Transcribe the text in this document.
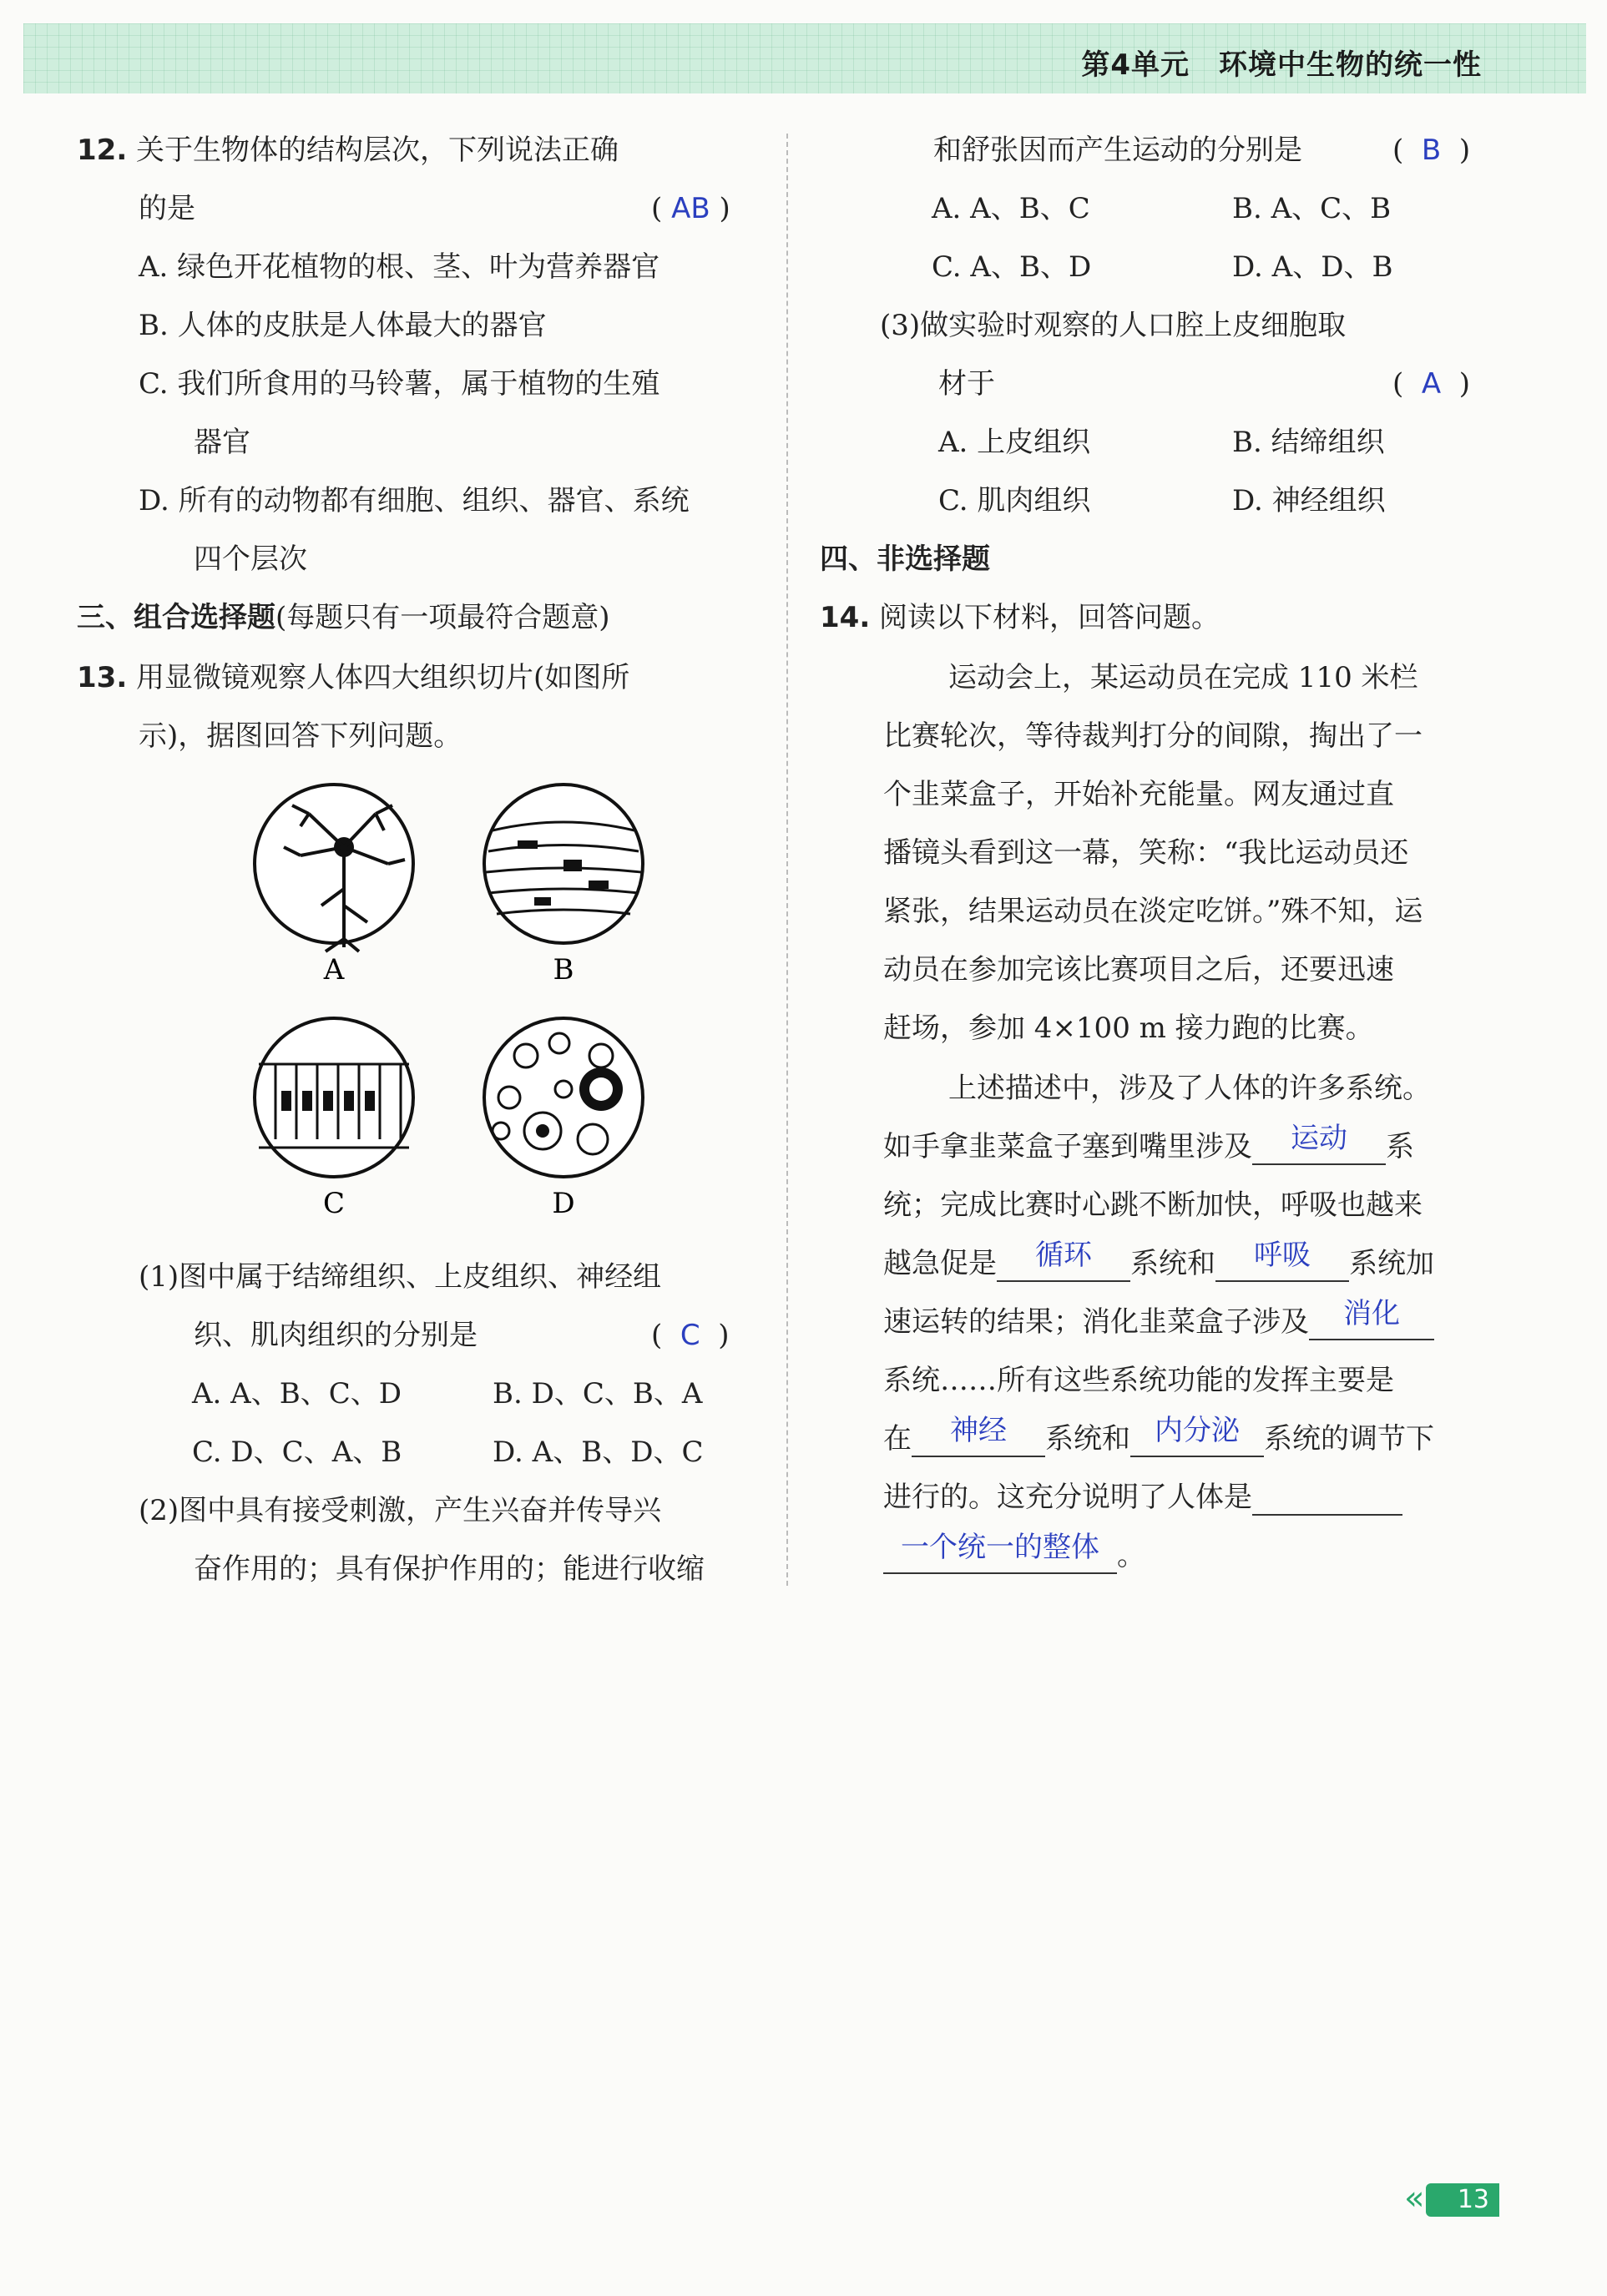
第4单元　环境中生物的统一性
12. 关于生物体的结构层次，下列说法正确
的是	( AB )
A. 绿色开花植物的根、茎、叶为营养器官
B. 人体的皮肤是人体最大的器官
C. 我们所食用的马铃薯，属于植物的生殖
器官
D. 所有的动物都有细胞、组织、器官、系统
四个层次
三、组合选择题(每题只有一项最符合题意)
13. 用显微镜观察人体四大组织切片(如图所
示)，据图回答下列问题。
A	B
C	D
(1)图中属于结缔组织、上皮组织、神经组
织、肌肉组织的分别是	(  C  )
A. A、B、C、D	B. D、C、B、A
C. D、C、A、B	D. A、B、D、C
(2)图中具有接受刺激，产生兴奋并传导兴
奋作用的；具有保护作用的；能进行收缩
和舒张因而产生运动的分别是	(  B  )
A. A、B、C	B. A、C、B
C. A、B、D	D. A、D、B
(3)做实验时观察的人口腔上皮细胞取
材于	(  A  )
A. 上皮组织	B. 结缔组织
C. 肌肉组织	D. 神经组织
四、非选择题
14. 阅读以下材料，回答问题。
运动会上，某运动员在完成 110 米栏
比赛轮次，等待裁判打分的间隙，掏出了一
个韭菜盒子，开始补充能量。网友通过直
播镜头看到这一幕，笑称：“我比运动员还
紧张，结果运动员在淡定吃饼。”殊不知，运
动员在参加完该比赛项目之后，还要迅速
赶场，参加 4×100 m 接力跑的比赛。
上述描述中，涉及了人体的许多系统。
如手拿韭菜盒子塞到嘴里涉及 运动 系
统；完成比赛时心跳不断加快，呼吸也越来
越急促是 循环 系统和 呼吸 系统加
速运转的结果；消化韭菜盒子涉及 消化
系统……所有这些系统功能的发挥主要是
在 神经 系统和 内分泌 系统的调节下
进行的。这充分说明了人体是
一个统一的整体 。
«	13
